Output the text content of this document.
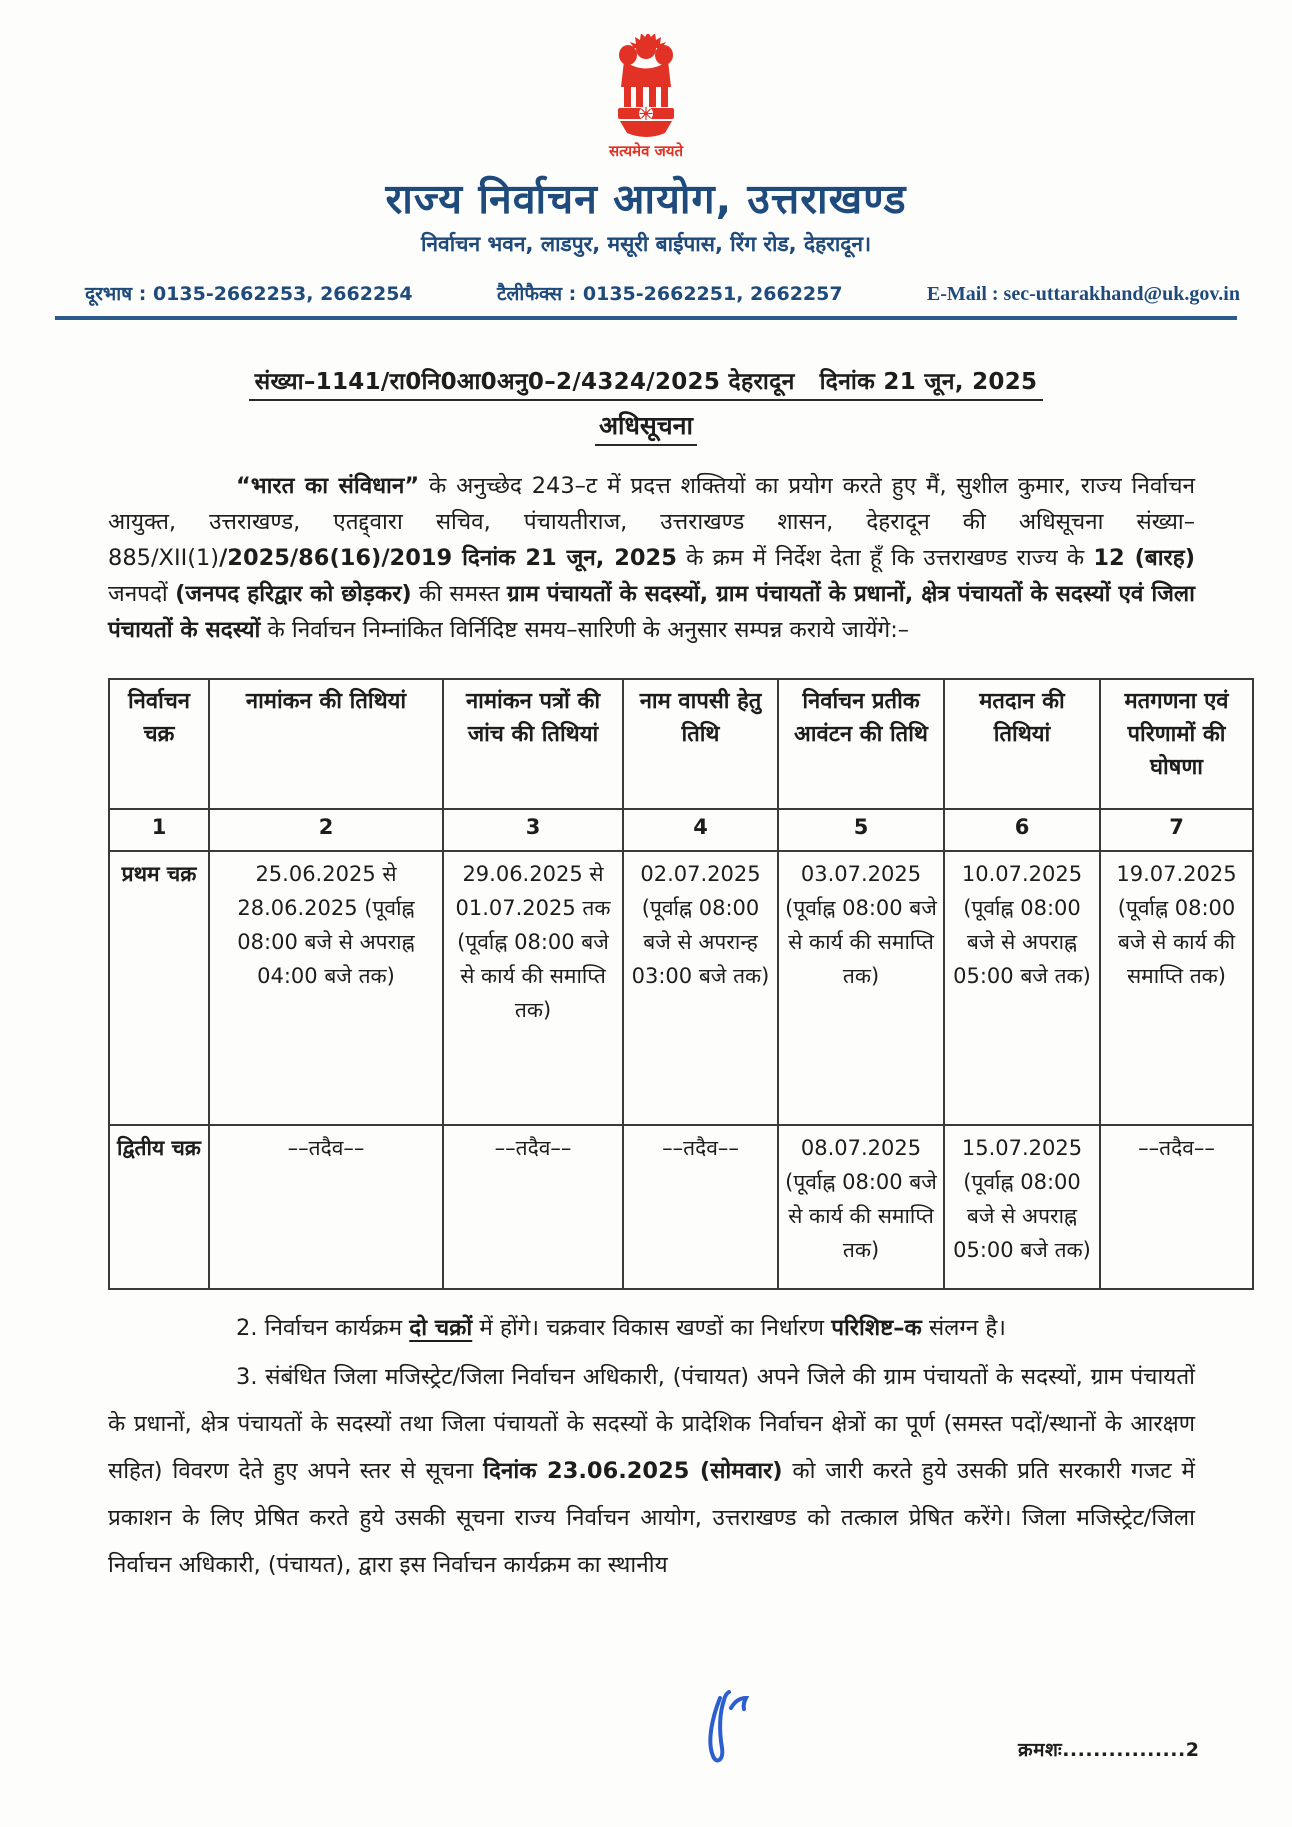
सत्यमेव जयते
राज्य निर्वाचन आयोग, उत्तराखण्ड
निर्वाचन भवन, लाडपुर, मसूरी बाईपास, रिंग रोड, देहरादून।
दूरभाष : 0135-2662253, 2662254	टैलीफैक्स : 0135-2662251, 2662257	E-Mail : sec-uttarakhand@uk.gov.in
संख्या–1141/रा0नि0आ0अनु0–2/4324/2025 देहरादून   दिनांक 21 जून, 2025
अधिसूचना

“भारत का संविधान” के अनुच्छेद 243–ट में प्रदत्त शक्तियों का प्रयोग करते हुए मैं, सुशील कुमार, राज्य निर्वाचन आयुक्त, उत्तराखण्ड, एतद्द्वारा सचिव, पंचायतीराज, उत्तराखण्ड शासन, देहरादून की अधिसूचना संख्या–885/XII(1)/2025/86(16)/2019 दिनांक 21 जून, 2025 के क्रम में निर्देश देता हूँ कि उत्तराखण्ड राज्य के 12 (बारह) जनपदों (जनपद हरिद्वार को छोड़कर) की समस्त ग्राम पंचायतों के सदस्यों, ग्राम पंचायतों के प्रधानों, क्षेत्र पंचायतों के सदस्यों एवं जिला पंचायतों के सदस्यों के निर्वाचन निम्नांकित विर्निदिष्ट समय–सारिणी के अनुसार सम्पन्न कराये जायेंगे:–

निर्वाचन चक्र	नामांकन की तिथियां	नामांकन पत्रों की जांच की तिथियां	नाम वापसी हेतु तिथि	निर्वाचन प्रतीक आवंटन की तिथि	मतदान की तिथियां	मतगणना एवं परिणामों की घोषणा
1	2	3	4	5	6	7
प्रथम चक्र	25.06.2025 से 28.06.2025 (पूर्वाह्न 08:00 बजे से अपराह्न 04:00 बजे तक)	29.06.2025 से 01.07.2025 तक (पूर्वाह्न 08:00 बजे से कार्य की समाप्ति तक)	02.07.2025 (पूर्वाह्न 08:00 बजे से अपरान्ह 03:00 बजे तक)	03.07.2025 (पूर्वाह्न 08:00 बजे से कार्य की समाप्ति तक)	10.07.2025 (पूर्वाह्न 08:00 बजे से अपराह्न 05:00 बजे तक)	19.07.2025 (पूर्वाह्न 08:00 बजे से कार्य की समाप्ति तक)
द्वितीय चक्र	––तदैव––	––तदैव––	––तदैव––	08.07.2025 (पूर्वाह्न 08:00 बजे से कार्य की समाप्ति तक)	15.07.2025 (पूर्वाह्न 08:00 बजे से अपराह्न 05:00 बजे तक)	––तदैव––

2. निर्वाचन कार्यक्रम दो चक्रों में होंगे। चक्रवार विकास खण्डों का निर्धारण परिशिष्ट–क संलग्न है।

3. संबंधित जिला मजिस्ट्रेट/जिला निर्वाचन अधिकारी, (पंचायत) अपने जिले की ग्राम पंचायतों के सदस्यों, ग्राम पंचायतों के प्रधानों, क्षेत्र पंचायतों के सदस्यों तथा जिला पंचायतों के सदस्यों के प्रादेशिक निर्वाचन क्षेत्रों का पूर्ण (समस्त पदों/स्थानों के आरक्षण सहित) विवरण देते हुए अपने स्तर से सूचना दिनांक 23.06.2025 (सोमवार) को जारी करते हुये उसकी प्रति सरकारी गजट में प्रकाशन के लिए प्रेषित करते हुये उसकी सूचना राज्य निर्वाचन आयोग, उत्तराखण्ड को तत्काल प्रेषित करेंगे। जिला मजिस्ट्रेट/जिला निर्वाचन अधिकारी, (पंचायत), द्वारा इस निर्वाचन कार्यक्रम का स्थानीय

क्रमशः................2
